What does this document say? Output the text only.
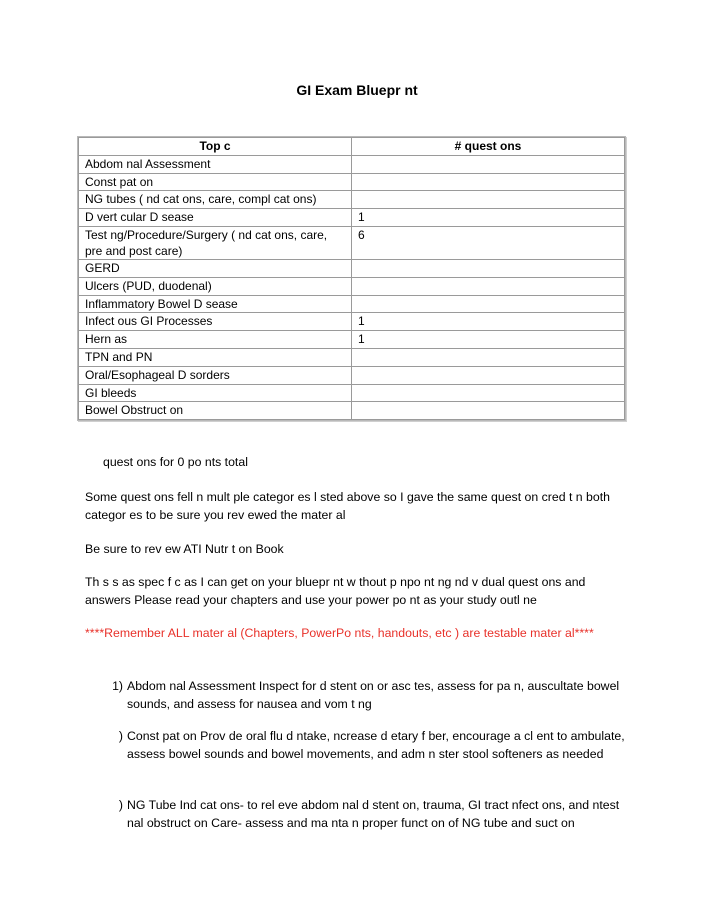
GI Exam Bluepr nt
Top c	# quest ons
Abdom nal Assessment	
Const pat on	
NG tubes ( nd cat ons, care, compl cat ons)	
D vert cular D sease	1
Test ng/Procedure/Surgery ( nd cat ons, care, pre and post care)	6
GERD	
Ulcers (PUD, duodenal)	
Inflammatory Bowel D sease	
Infect ous GI Processes	1
Hern as	1
TPN and PN	
Oral/Esophageal D sorders	
GI bleeds	
Bowel Obstruct on	
quest ons for 0 po nts total
Some quest ons fell n mult ple categor es l sted above so I gave the same quest on cred t n both categor es to be sure you rev ewed the mater al
Be sure to rev ew ATI Nutr t on Book
Th s s as spec f c as I can get on your bluepr nt w thout p npo nt ng nd v dual quest ons and answers Please read your chapters and use your power po nt as your study outl ne
****Remember ALL mater al (Chapters, PowerPo nts, handouts, etc ) are testable mater al****
1) Abdom nal Assessment Inspect for d stent on or asc tes, assess for pa n, auscultate bowel sounds, and assess for nausea and vom t ng
) Const pat on Prov de oral flu d ntake, ncrease d etary f ber, encourage a cl ent to ambulate, assess bowel sounds and bowel movements, and adm n ster stool softeners as needed
) NG Tube Ind cat ons- to rel eve abdom nal d stent on, trauma, GI tract nfect ons, and ntest nal obstruct on Care- assess and ma nta n proper funct on of NG tube and suct on
